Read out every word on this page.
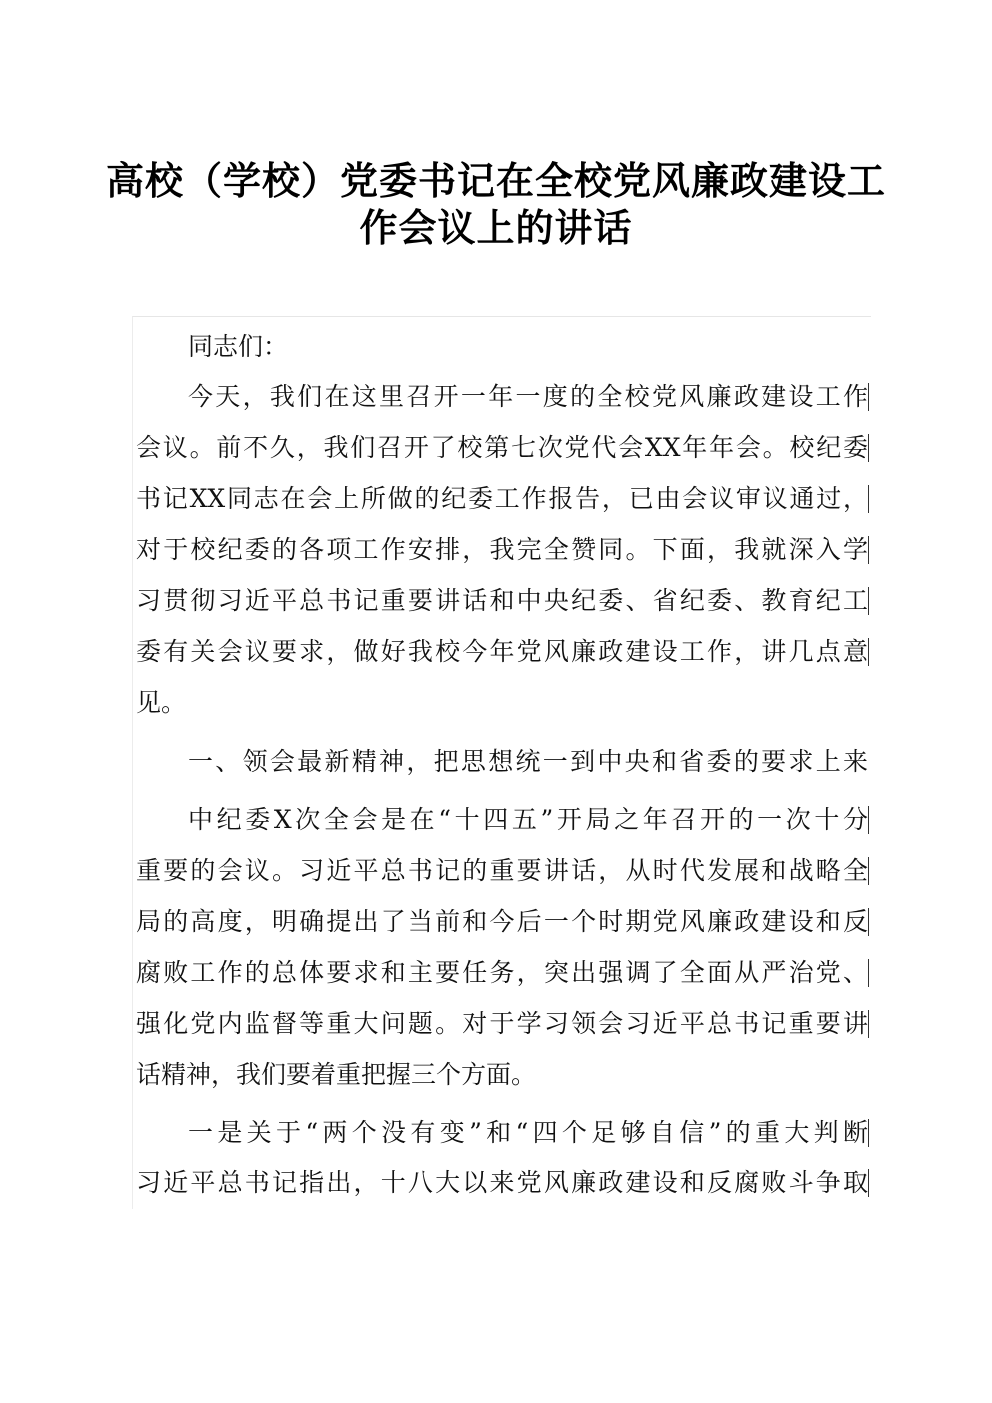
高校（学校）党委书记在全校党风廉政建设工
作会议上的讲话
同志们：
今天，我们在这里召开一年一度的全校党风廉政建设工作
会议。前不久，我们召开了校第七次党代会XX年年会。校纪委
书记XX同志在会上所做的纪委工作报告，已由会议审议通过，
对于校纪委的各项工作安排，我完全赞同。下面，我就深入学
习贯彻习近平总书记重要讲话和中央纪委、省纪委、教育纪工
委有关会议要求，做好我校今年党风廉政建设工作，讲几点意
见。
一、领会最新精神，把思想统一到中央和省委的要求上来
中纪委X次全会是在“十四五”开局之年召开的一次十分
重要的会议。习近平总书记的重要讲话，从时代发展和战略全
局的高度，明确提出了当前和今后一个时期党风廉政建设和反
腐败工作的总体要求和主要任务，突出强调了全面从严治党、
强化党内监督等重大问题。对于学习领会习近平总书记重要讲
话精神，我们要着重把握三个方面。
一是关于“两个没有变”和“四个足够自信”的重大判断
习近平总书记指出，十八大以来党风廉政建设和反腐败斗争取
